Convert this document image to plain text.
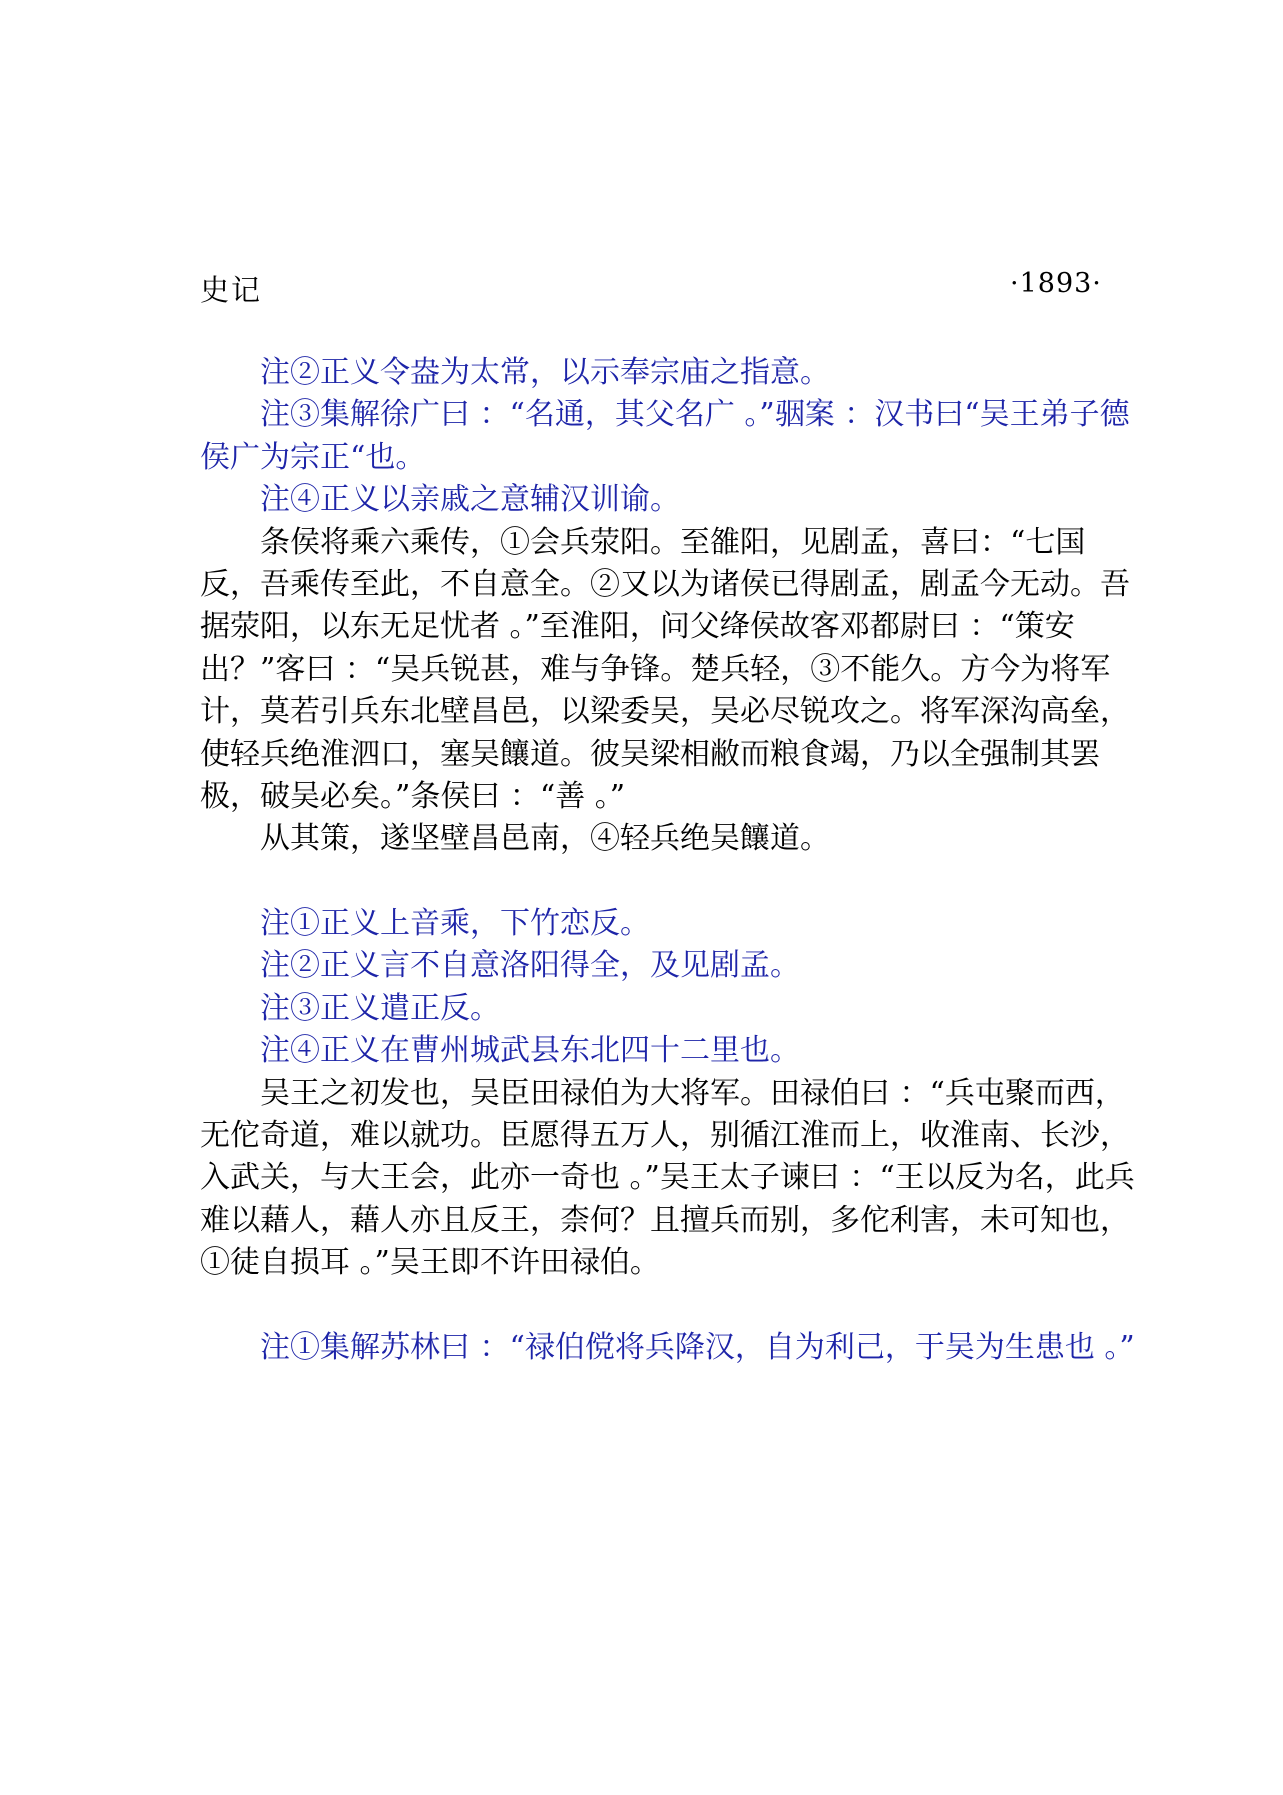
史记	·1893·

注②正义令盎为太常，以示奉宗庙之指意。

注③集解徐广曰 ：“名通，其父名广 。”骃案 ：汉书曰“吴王弟子德侯广为宗正“也。

注④正义以亲戚之意辅汉训谕。

条侯将乘六乘传，①会兵荥阳。至雒阳，见剧孟，喜曰：“七国反，吾乘传至此，不自意全。②又以为诸侯已得剧孟，剧孟今无动。吾据荥阳，以东无足忧者 。”至淮阳，问父绛侯故客邓都尉曰 ：“策安出？”客曰 ：“吴兵锐甚，难与争锋。楚兵轻，③不能久。方今为将军计，莫若引兵东北壁昌邑，以梁委吴，吴必尽锐攻之。将军深沟高垒，使轻兵绝淮泗口，塞吴饟道。彼吴梁相敝而粮食竭，乃以全强制其罢极，破吴必矣。”条侯曰 ：“善 。”

从其策，遂坚壁昌邑南，④轻兵绝吴饟道。

注①正义上音乘，下竹恋反。

注②正义言不自意洛阳得全，及见剧孟。

注③正义遣正反。

注④正义在曹州城武县东北四十二里也。

吴王之初发也，吴臣田禄伯为大将军。田禄伯曰 ：“兵屯聚而西，无佗奇道，难以就功。臣愿得五万人，别循江淮而上，收淮南、长沙，入武关，与大王会，此亦一奇也 。”吴王太子谏曰 ：“王以反为名，此兵难以藉人，藉人亦且反王，柰何？且擅兵而别，多佗利害，未可知也，①徒自损耳 。”吴王即不许田禄伯。

注①集解苏林曰 ：“禄伯傥将兵降汉，自为利己，于吴为生患也 。”
